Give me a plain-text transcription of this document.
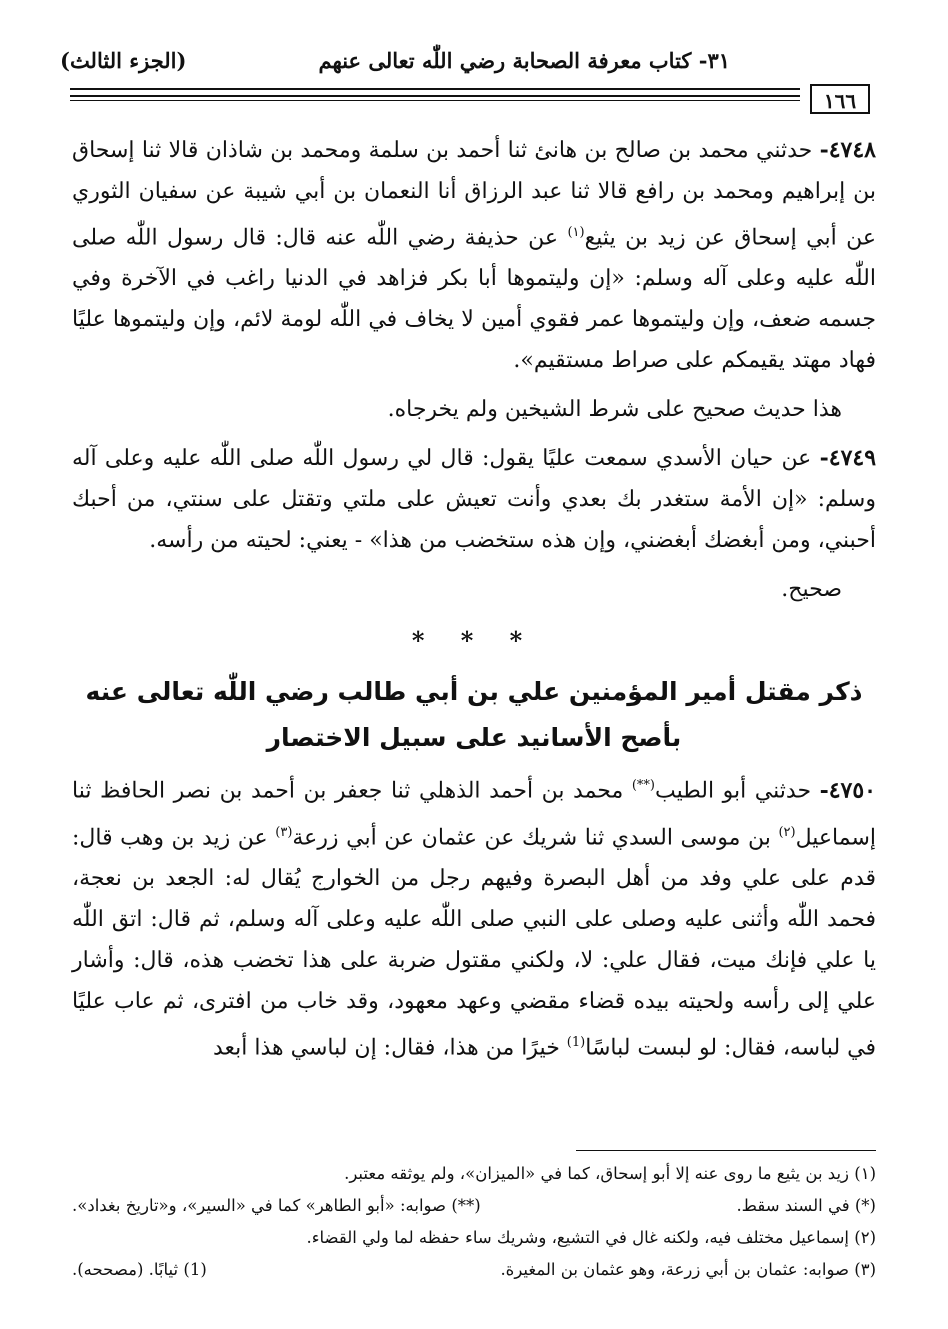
٣١- كتاب معرفة الصحابة رضي اللّٰه تعالى عنهم
(الجزء الثالث)
١٦٦

٤٧٤٨- حدثني محمد بن صالح بن هانئ ثنا أحمد بن سلمة ومحمد بن شاذان قالا ثنا إسحاق بن إبراهيم ومحمد بن رافع قالا ثنا عبد الرزاق أنا النعمان بن أبي شيبة عن سفيان الثوري عن أبي إسحاق عن زيد بن يثيع$^{(١)}$ عن حذيفة رضي اللّٰه عنه قال: قال رسول اللّٰه صلى اللّٰه عليه وعلى آله وسلم: «إن وليتموها أبا بكر فزاهد في الدنيا راغب في الآخرة وفي جسمه ضعف، وإن وليتموها عمر فقوي أمين لا يخاف في اللّٰه لومة لائم، وإن وليتموها عليًا فهاد مهتد يقيمكم على صراط مستقيم».

هذا حديث صحيح على شرط الشيخين ولم يخرجاه.

٤٧٤٩- عن حيان الأسدي سمعت عليًا يقول: قال لي رسول اللّٰه صلى اللّٰه عليه وعلى آله وسلم: «إن الأمة ستغدر بك بعدي وأنت تعيش على ملتي وتقتل على سنتي، من أحبك أحبني، ومن أبغضك أبغضني، وإن هذه ستخضب من هذا» - يعني: لحيته من رأسه.

صحيح.

* * *
ذكر مقتل أمير المؤمنين علي بن أبي طالب رضي اللّٰه تعالى عنه
بأصح الأسانيد على سبيل الاختصار

٤٧٥٠- حدثني أبو الطيب(**) محمد بن أحمد الذهلي ثنا جعفر بن أحمد بن نصر الحافظ ثنا إسماعيل$^{(٢)}$ بن موسى السدي ثنا شريك عن عثمان عن أبي زرعة$^{(٣)}$ عن زيد بن وهب قال: قدم على علي وفد من أهل البصرة وفيهم رجل من الخوارج يُقال له: الجعد بن نعجة، فحمد اللّٰه وأثنى عليه وصلى على النبي صلى اللّٰه عليه وعلى آله وسلم، ثم قال: اتق اللّٰه يا علي فإنك ميت، فقال علي: لا، ولكني مقتول ضربة على هذا تخضب هذه، قال: وأشار علي إلى رأسه ولحيته بيده قضاء مقضي وعهد معهود، وقد خاب من افترى، ثم عاب عليًا في لباسه، فقال: لو لبست لباسًا$^{(1)}$ خيرًا من هذا، فقال: إن لباسي هذا أبعد

(١) زيد بن يثيع ما روى عنه إلا أبو إسحاق، كما في «الميزان»، ولم يوثقه معتبر.
(*) في السند سقط.
(**) صوابه: «أبو الطاهر» كما في «السير»، و«تاريخ بغداد».
(٢) إسماعيل مختلف فيه، ولكنه غال في التشيع، وشريك ساء حفظه لما ولي القضاء.
(٣) صوابه: عثمان بن أبي زرعة، وهو عثمان بن المغيرة.
(1) ثيابًا. (مصححه).
